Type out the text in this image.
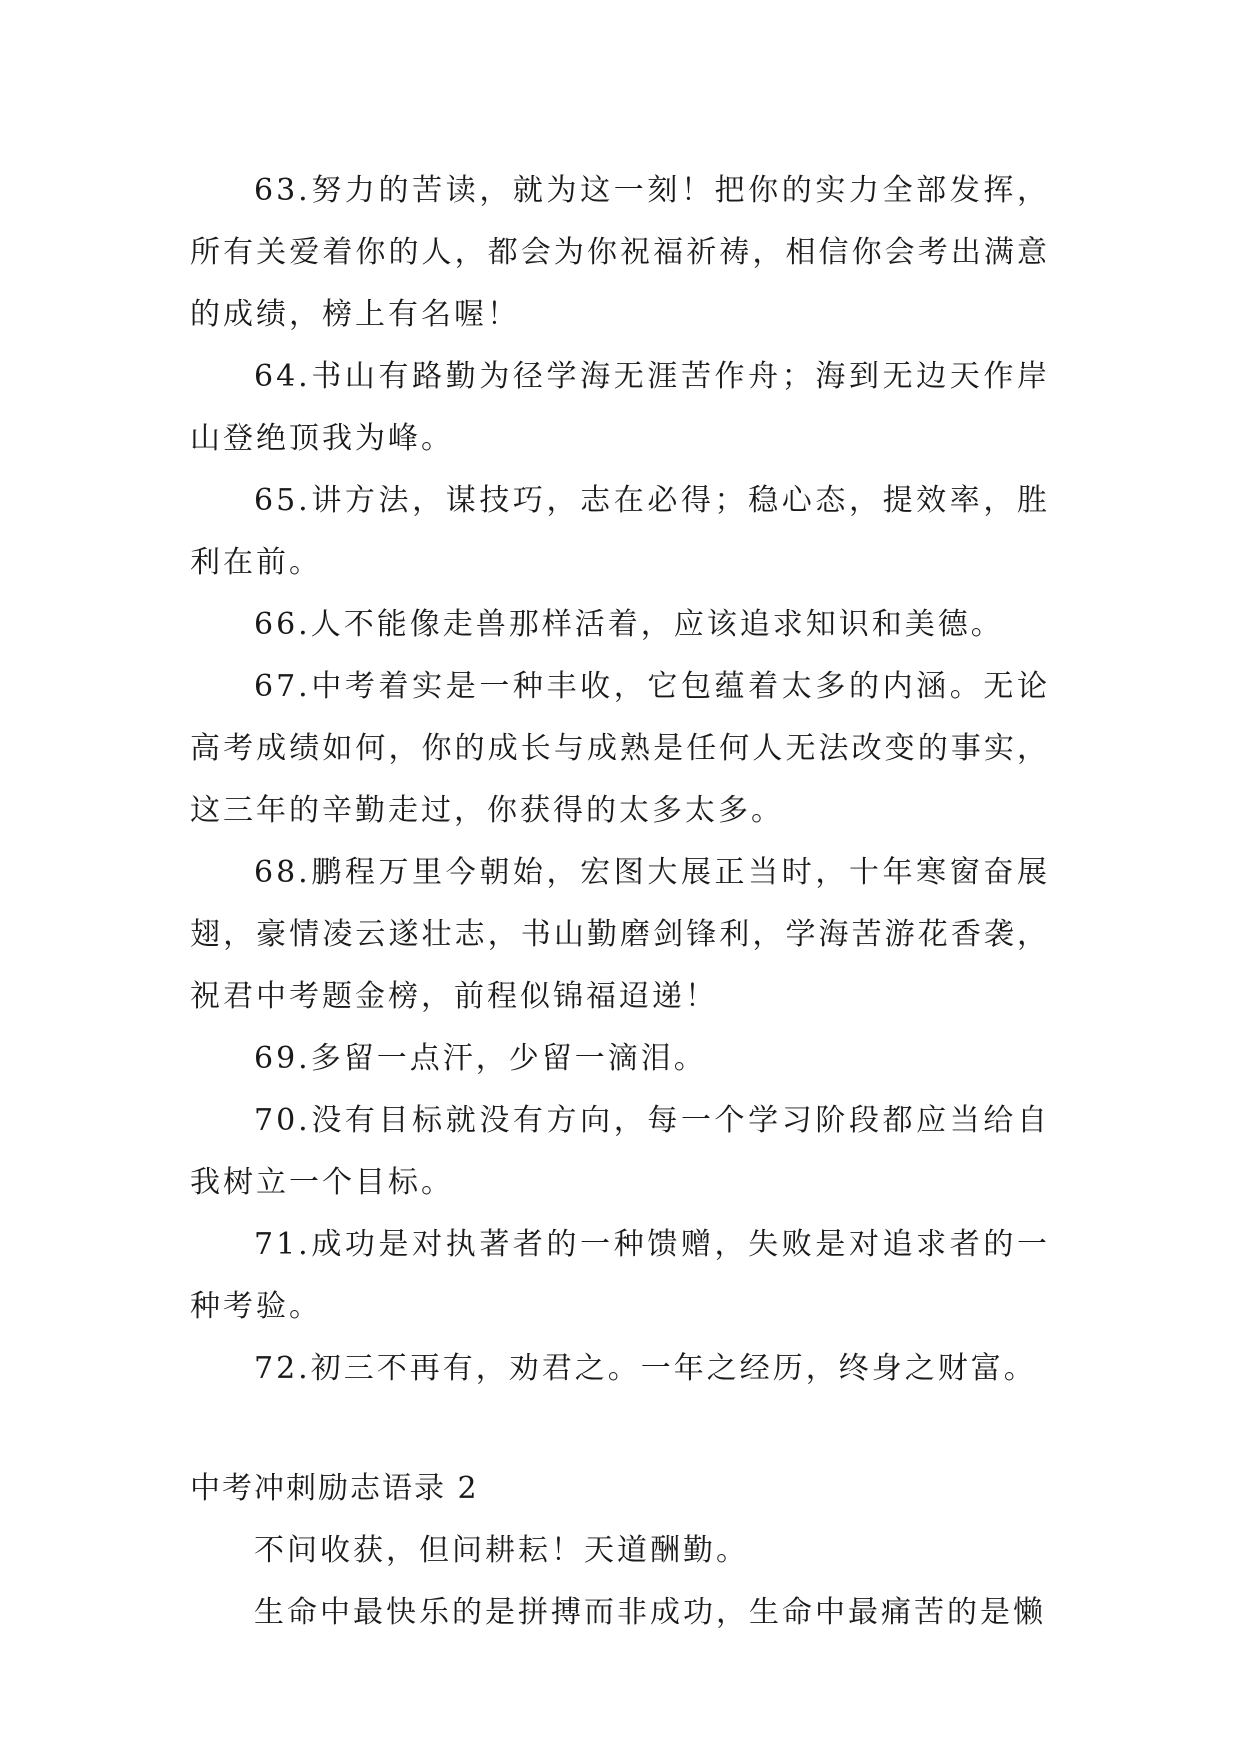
63.努力的苦读，就为这一刻！把你的实力全部发挥，所有关爱着你的人，都会为你祝福祈祷，相信你会考出满意的成绩，榜上有名喔！

64.书山有路勤为径学海无涯苦作舟；海到无边天作岸山登绝顶我为峰。

65.讲方法，谋技巧，志在必得；稳心态，提效率，胜利在前。

66.人不能像走兽那样活着，应该追求知识和美德。

67.中考着实是一种丰收，它包蕴着太多的内涵。无论高考成绩如何，你的成长与成熟是任何人无法改变的事实，这三年的辛勤走过，你获得的太多太多。

68.鹏程万里今朝始，宏图大展正当时，十年寒窗奋展翅，豪情凌云遂壮志，书山勤磨剑锋利，学海苦游花香袭，祝君中考题金榜，前程似锦福迢递！

69.多留一点汗，少留一滴泪。

70.没有目标就没有方向，每一个学习阶段都应当给自我树立一个目标。

71.成功是对执著者的一种馈赠，失败是对追求者的一种考验。

72.初三不再有，劝君之。一年之经历，终身之财富。

中考冲刺励志语录 2

不问收获，但问耕耘！天道酬勤。

生命中最快乐的是拼搏而非成功，生命中最痛苦的是懒
